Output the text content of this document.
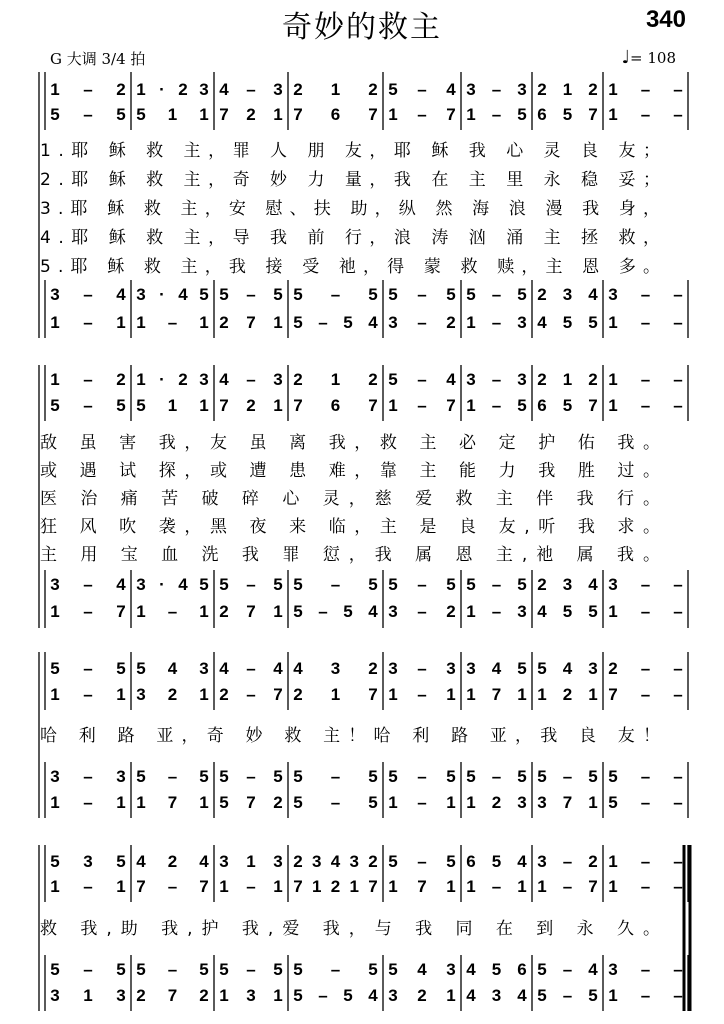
奇妙的救主	340
G 大调 3/4 拍	♩= 108
1 – 2 1 · 2 3 4 – 3 2 1 2 5 – 4 3 – 3 2 1 2 1 – –
5 – 5 5 1 1 7 2 1 7 6 7 1 – 7 1 – 5 6 5 7 1 – –
3 – 4 3 · 4 5 5 – 5 5 – 5 5 – 5 5 – 5 2 3 4 3 – –
1 – 1 1 – 1 2 7 1 5 – 5 4 3 – 2 1 – 3 4 5 5 1 – –
1.耶 稣 救 主，罪 人 朋 友，耶 稣 我 心 灵 良 友；
2.耶 稣 救 主，奇 妙 力 量，我 在 主 里 永 稳 妥；
3.耶 稣 救 主，安 慰、扶 助，纵 然 海 浪 漫 我 身，
4.耶 稣 救 主，导 我 前 行，浪 涛 汹 涌 主 拯 救，
5.耶 稣 救 主，我 接 受 祂，得 蒙 救 赎，主 恩 多。
1 – 2 1 · 2 3 4 – 3 2 1 2 5 – 4 3 – 3 2 1 2 1 – –
5 – 5 5 1 1 7 2 1 7 6 7 1 – 7 1 – 5 6 5 7 1 – –
3 – 4 3 · 4 5 5 – 5 5 – 5 5 – 5 5 – 5 2 3 4 3 – –
1 – 7 1 – 1 2 7 1 5 – 5 4 3 – 2 1 – 3 4 5 5 1 – –
敌 虽 害 我，友 虽 离 我，救 主 必 定 护 佑 我。
或 遇 试 探，或 遭 患 难，靠 主 能 力 我 胜 过。
医 治 痛 苦 破 碎 心 灵，慈 爱 救 主 伴 我 行。
狂 风 吹 袭，黑 夜 来 临，主 是 良 友,听 我 求。
主 用 宝 血 洗 我 罪 愆，我 属 恩 主,祂 属 我。
5 – 5 5 4 3 4 – 4 4 3 2 3 – 3 3 4 5 5 4 3 2 – –
1 – 1 3 2 1 2 – 7 2 1 7 1 – 1 1 7 1 1 2 1 7 – –
3 – 3 5 – 5 5 – 5 5 – 5 5 – 5 5 – 5 5 – 5 5 – –
1 – 1 1 7 1 5 7 2 5 – 5 1 – 1 1 2 3 3 7 1 5 – –
哈 利 路 亚，奇 妙 救 主！哈 利 路 亚，我 良 友！
5 3 5 4 2 4 3 1 3 2 3 4 3 2 5 – 5 6 5 4 3 – 2 1 – –
1 – 1 7 – 7 1 – 1 7 1 2 1 7 1 7 1 1 – 1 1 – 7 1 – –
5 – 5 5 – 5 5 – 5 5 – 5 5 4 3 4 5 6 5 – 4 3 – –
3 1 3 2 7 2 1 3 1 5 – 5 4 3 2 1 4 3 4 5 – 5 1 – –
救 我,助 我,护 我,爱 我，与 我 同 在 到 永 久。
